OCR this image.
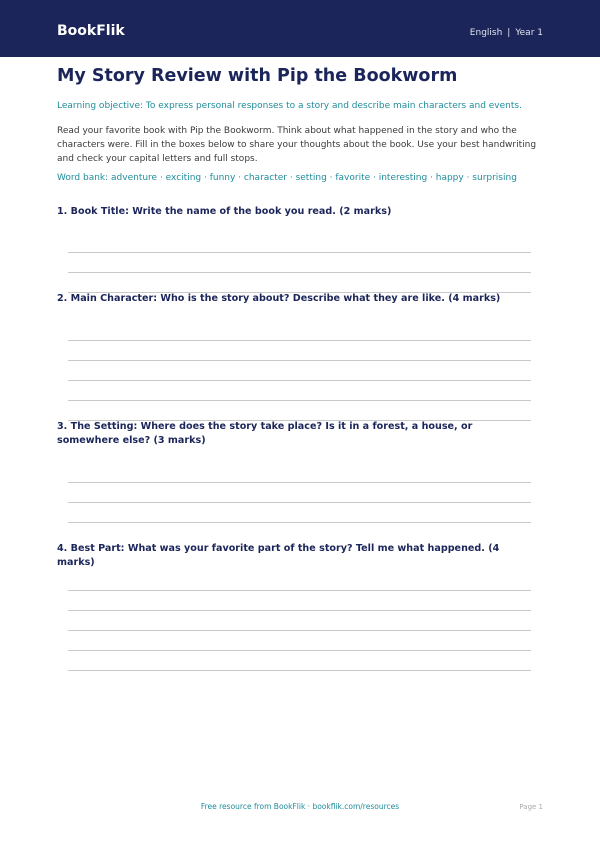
BookFlik	English | Year 1
My Story Review with Pip the Bookworm
Learning objective: To express personal responses to a story and describe main characters and events.
Read your favorite book with Pip the Bookworm. Think about what happened in the story and who the characters were. Fill in the boxes below to share your thoughts about the book. Use your best handwriting and check your capital letters and full stops.
Word bank: adventure · exciting · funny · character · setting · favorite · interesting · happy · surprising
1. Book Title: Write the name of the book you read. (2 marks)
2. Main Character: Who is the story about? Describe what they are like. (4 marks)
3. The Setting: Where does the story take place? Is it in a forest, a house, or somewhere else? (3 marks)
4. Best Part: What was your favorite part of the story? Tell me what happened. (4 marks)
Free resource from BookFlik · bookflik.com/resources	Page 1
